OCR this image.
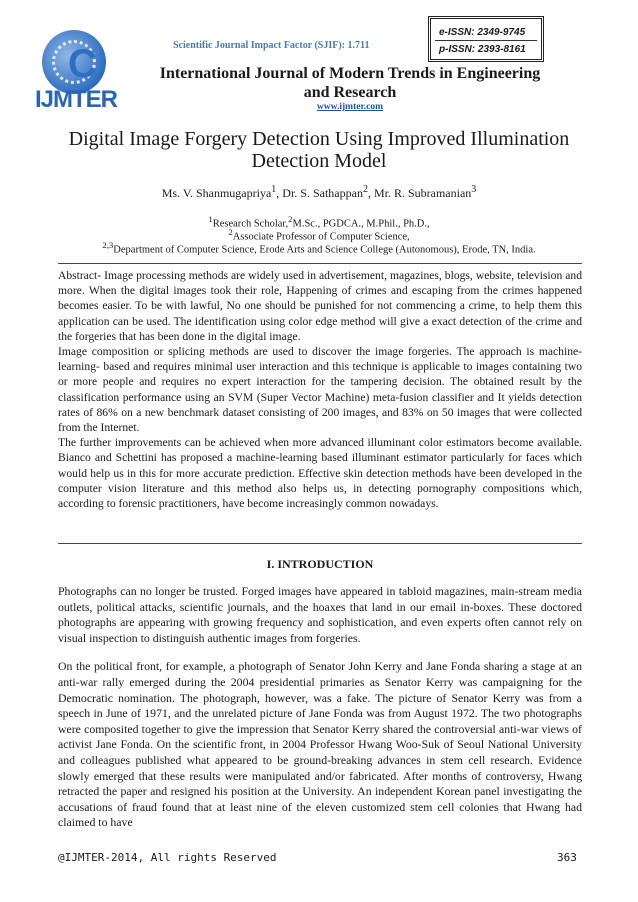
C
IJMTER
Scientific Journal Impact Factor (SJIF): 1.711
e-ISSN: 2349-9745
p-ISSN: 2393-8161
International Journal of Modern Trends in Engineering
and Research
www.ijmter.com
Digital Image Forgery Detection Using Improved Illumination
Detection Model
Ms. V. Shanmugapriya$^1$, Dr. S. Sathappan$^2$, Mr. R. Subramanian$^3$
$^1$Research Scholar,$^2$M.Sc., PGDCA., M.Phil., Ph.D.,
$^2$Associate Professor of Computer Science,
$^{2,3}$Department of Computer Science, Erode Arts and Science College (Autonomous), Erode, TN, India.

Abstract- Image processing methods are widely used in advertisement, magazines, blogs, website, television and more. When the digital images took their role, Happening of crimes and escaping from the crimes happened becomes easier. To be with lawful, No one should be punished for not commencing a crime, to help them this application can be used. The identification using color edge method will give a exact detection of the crime and the forgeries that has been done in the digital image.

Image composition or splicing methods are used to discover the image forgeries. The approach is machine-learning- based and requires minimal user interaction and this technique is applicable to images containing two or more people and requires no expert interaction for the tampering decision. The obtained result by the classification performance using an SVM (Super Vector Machine) meta-fusion classifier and It yields detection rates of 86% on a new benchmark dataset consisting of 200 images, and 83% on 50 images that were collected from the Internet.

The further improvements can be achieved when more advanced illuminant color estimators become available. Bianco and Schettini has proposed a machine-learning based illuminant estimator particularly for faces which would help us in this for more accurate prediction. Effective skin detection methods have been developed in the computer vision literature and this method also helps us, in detecting pornography compositions which, according to forensic practitioners, have become increasingly common nowadays.

I. INTRODUCTION

Photographs can no longer be trusted. Forged images have appeared in tabloid magazines, main-stream media outlets, political attacks, scientific journals, and the hoaxes that land in our email in-boxes. These doctored photographs are appearing with growing frequency and sophistication, and even experts often cannot rely on visual inspection to distinguish authentic images from forgeries.

On the political front, for example, a photograph of Senator John Kerry and Jane Fonda sharing a stage at an anti-war rally emerged during the 2004 presidential primaries as Senator Kerry was campaigning for the Democratic nomination. The photograph, however, was a fake. The picture of Senator Kerry was from a speech in June of 1971, and the unrelated picture of Jane Fonda was from August 1972. The two photographs were composited together to give the impression that Senator Kerry shared the controversial anti-war views of activist Jane Fonda. On the scientific front, in 2004 Professor Hwang Woo-Suk of Seoul National University and colleagues published what appeared to be ground-breaking advances in stem cell research. Evidence slowly emerged that these results were manipulated and/or fabricated. After months of controversy, Hwang retracted the paper and resigned his position at the University. An independent Korean panel investigating the accusations of fraud found that at least nine of the eleven customized stem cell colonies that Hwang had claimed to have

@IJMTER-2014, All rights Reserved	363
